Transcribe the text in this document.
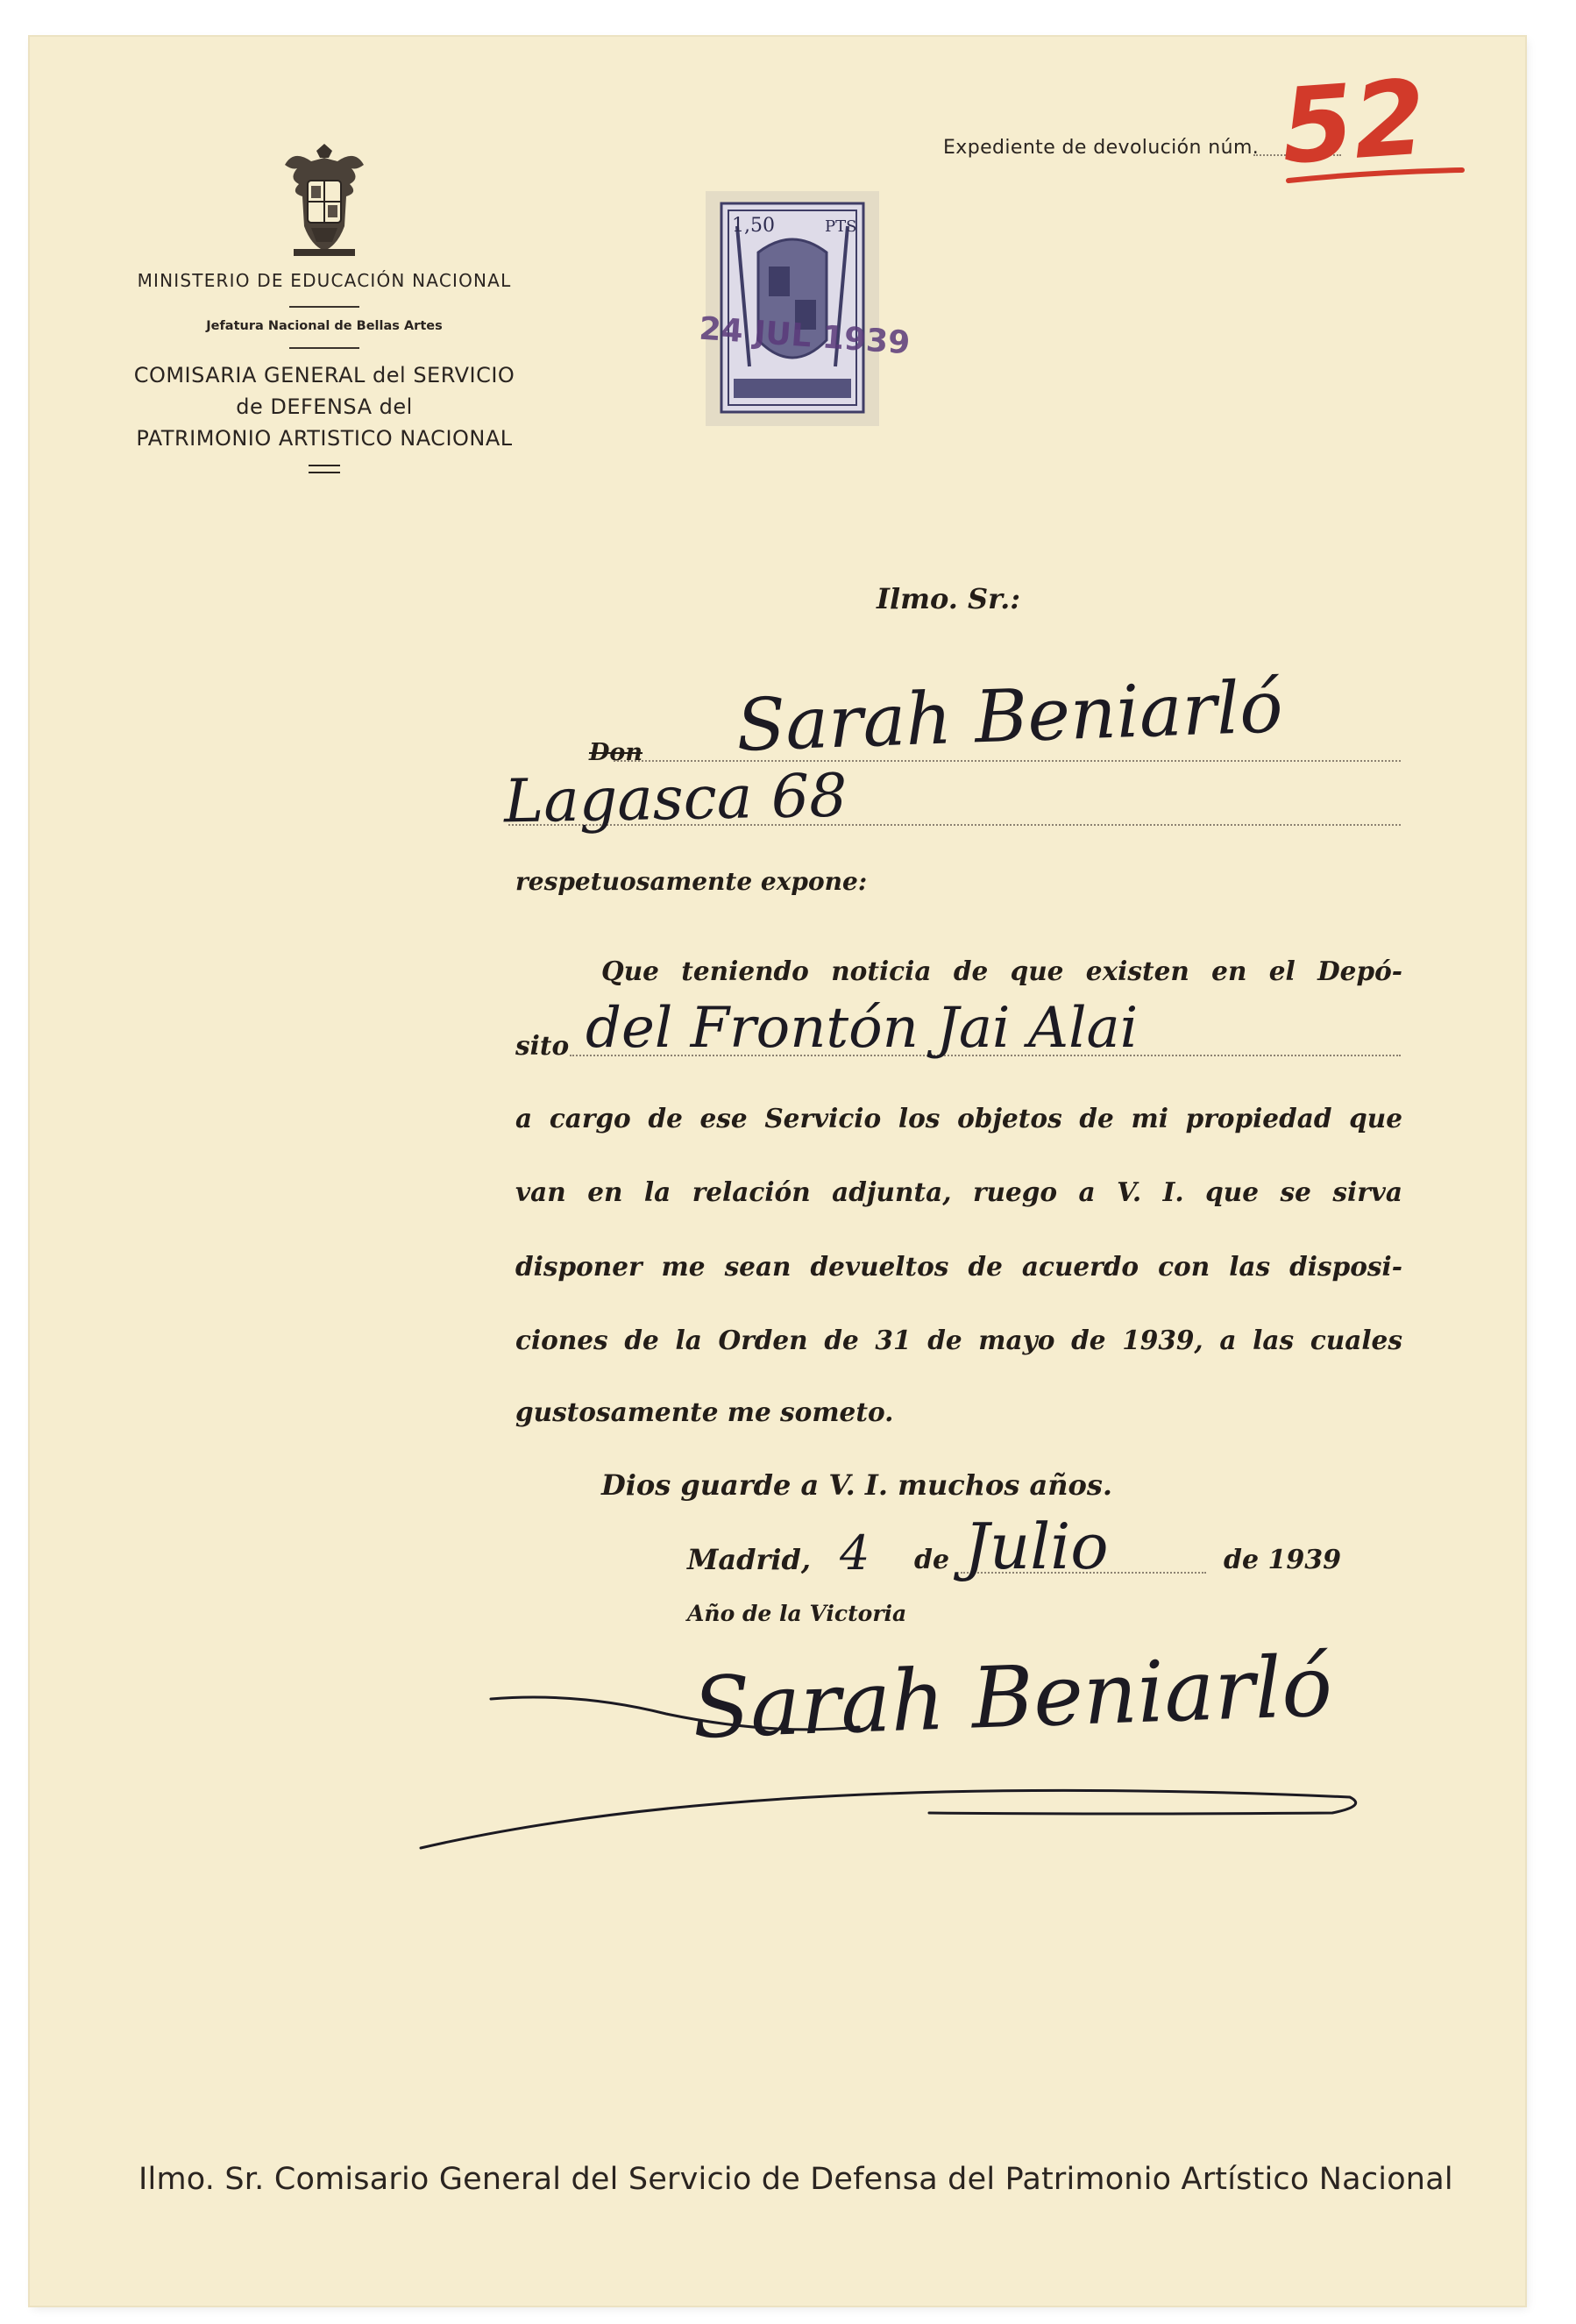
MINISTERIO DE EDUCACIÓN NACIONAL
Jefatura Nacional de Bellas Artes
COMISARIA GENERAL del SERVICIO
de DEFENSA del
PATRIMONIO ARTISTICO NACIONAL
1,50	PTS
24 JUL 1939
Expediente de devolución núm. 52
Ilmo. Sr.:
Don Sarah Beniarló
Lagasca 68
respetuosamente expone:
Que teniendo noticia de que existen en el Depó-
sito del Frontón Jai Alai
a cargo de ese Servicio los objetos de mi propiedad que
van en la relación adjunta, ruego a V. I. que se sirva
disponer me sean devueltos de acuerdo con las disposi-
ciones de la Orden de 31 de mayo de 1939, a las cuales
gustosamente me someto.
Dios guarde a V. I. muchos años.
Madrid, 4 de Julio	de 1939
Año de la Victoria
Sarah Beniarló
Ilmo. Sr. Comisario General del Servicio de Defensa del Patrimonio Artístico Nacional
